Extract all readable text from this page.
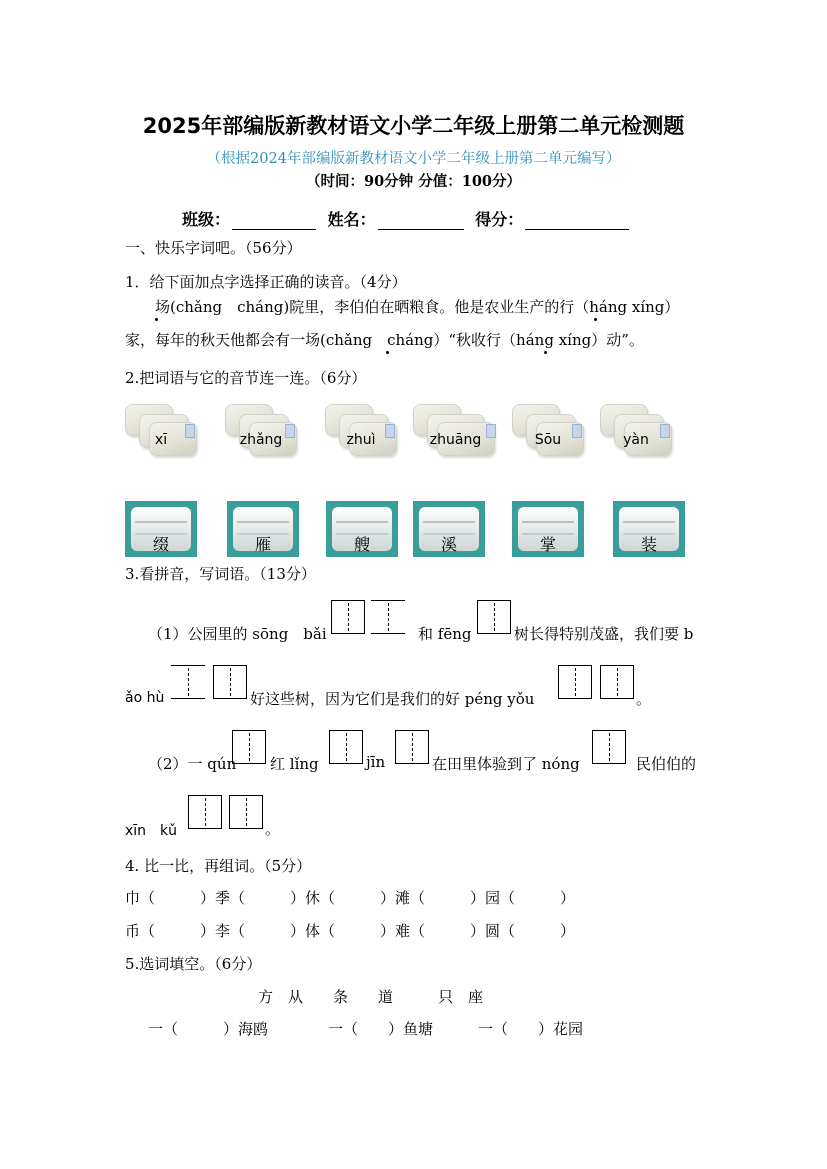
2025年部编版新教材语文小学二年级上册第二单元检测题
（根据2024年部编版新教材语文小学二年级上册第二单元编写）
（时间：90分钟 分值：100分）
班级：	姓名：	得分：
一、快乐字词吧。（56分）
1．给下面加点字选择正确的读音。（4分）
　　场(chǎng　cháng)院里，李伯伯在晒粮食。他是农业生产的行（háng xíng）
家，每年的秋天他都会有一场(chǎng　cháng）“秋收行（háng xíng）动”。
2.把词语与它的音节连一连。（6分）
xī	zhǎng	zhuì	zhuāng	Sōu	yàn
缀	雁	艘	溪	掌	装
3.看拼音，写词语。（13分）
（1）公园里的 sōng　bǎi	和 fēng	树长得特别茂盛，我们要 b
ǎo hù	好这些树，因为它们是我们的好 péng yǒu	。
（2）一 qún 红 lǐng	jīn	在田里体验到了 nóng	民伯伯的
xīn　kǔ	。
4. 比一比，再组词。（5分）
巾（　　　）季（　　　）休（　　　）滩（　　　）园（　　　）
币（　　　）李（　　　）体（　　　）难（　　　）圆（　　　）
5.选词填空。（6分）
方　从　　条　　道　　　只　座
一（　　　）海鸥　　　　一（　　）鱼塘　　　一（　　）花园
